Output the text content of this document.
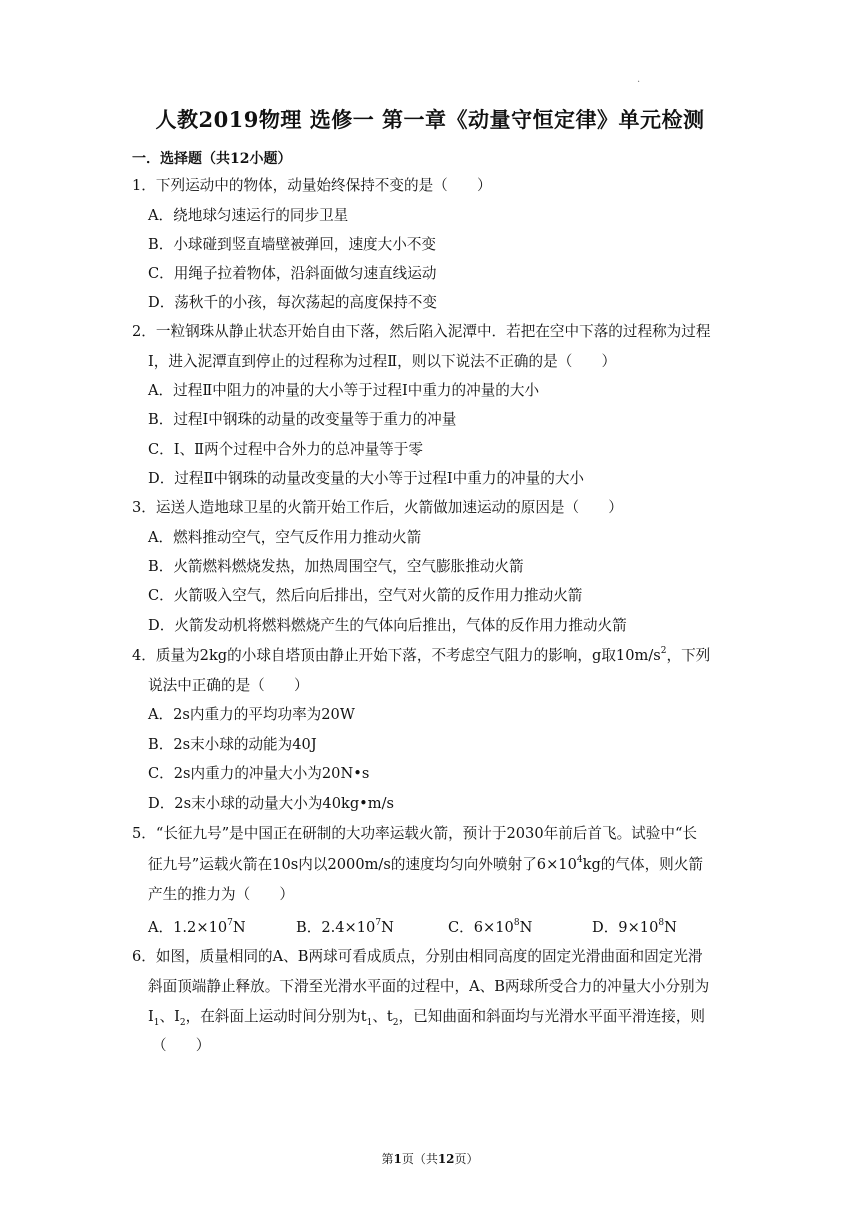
.
人教2019物理 选修一 第一章《动量守恒定律》单元检测
一．选择题（共12小题）
1．下列运动中的物体，动量始终保持不变的是（　　）
A．绕地球匀速运行的同步卫星
B．小球碰到竖直墙壁被弹回，速度大小不变
C．用绳子拉着物体，沿斜面做匀速直线运动
D．荡秋千的小孩，每次荡起的高度保持不变
2．一粒钢珠从静止状态开始自由下落，然后陷入泥潭中．若把在空中下落的过程称为过程
Ⅰ，进入泥潭直到停止的过程称为过程Ⅱ，则以下说法不正确的是（　　）
A．过程Ⅱ中阻力的冲量的大小等于过程Ⅰ中重力的冲量的大小
B．过程Ⅰ中钢珠的动量的改变量等于重力的冲量
C．Ⅰ、Ⅱ两个过程中合外力的总冲量等于零
D．过程Ⅱ中钢珠的动量改变量的大小等于过程Ⅰ中重力的冲量的大小
3．运送人造地球卫星的火箭开始工作后，火箭做加速运动的原因是（　　）
A．燃料推动空气，空气反作用力推动火箭
B．火箭燃料燃烧发热，加热周围空气，空气膨胀推动火箭
C．火箭吸入空气，然后向后排出，空气对火箭的反作用力推动火箭
D．火箭发动机将燃料燃烧产生的气体向后推出，气体的反作用力推动火箭
4．质量为2kg的小球自塔顶由静止开始下落，不考虑空气阻力的影响，g取$10m/s^2$，下列
说法中正确的是（　　）
A．2s内重力的平均功率为20W
B．2s末小球的动能为40J
C．2s内重力的冲量大小为20N•s
D．2s末小球的动量大小为40kg•m/s
5．“长征九号”是中国正在研制的大功率运载火箭，预计于2030年前后首飞。试验中“长
征九号”运载火箭在10s内以2000m/s的速度均匀向外喷射了$6\times 10^4kg$的气体，则火箭
产生的推力为（　　）
A．$1.2\times 10^7N$	B．$2.4\times 10^7N$	C．$6\times 10^8N$	D．$9\times 10^8N$
6．如图，质量相同的A、B两球可看成质点，分别由相同高度的固定光滑曲面和固定光滑
斜面顶端静止释放。下滑至光滑水平面的过程中，A、B两球所受合力的冲量大小分别为
$I_1$、$I_2$，在斜面上运动时间分别为$t_1$、$t_2$，已知曲面和斜面均与光滑水平面平滑连接，则
（　　）
第1页（共12页）
